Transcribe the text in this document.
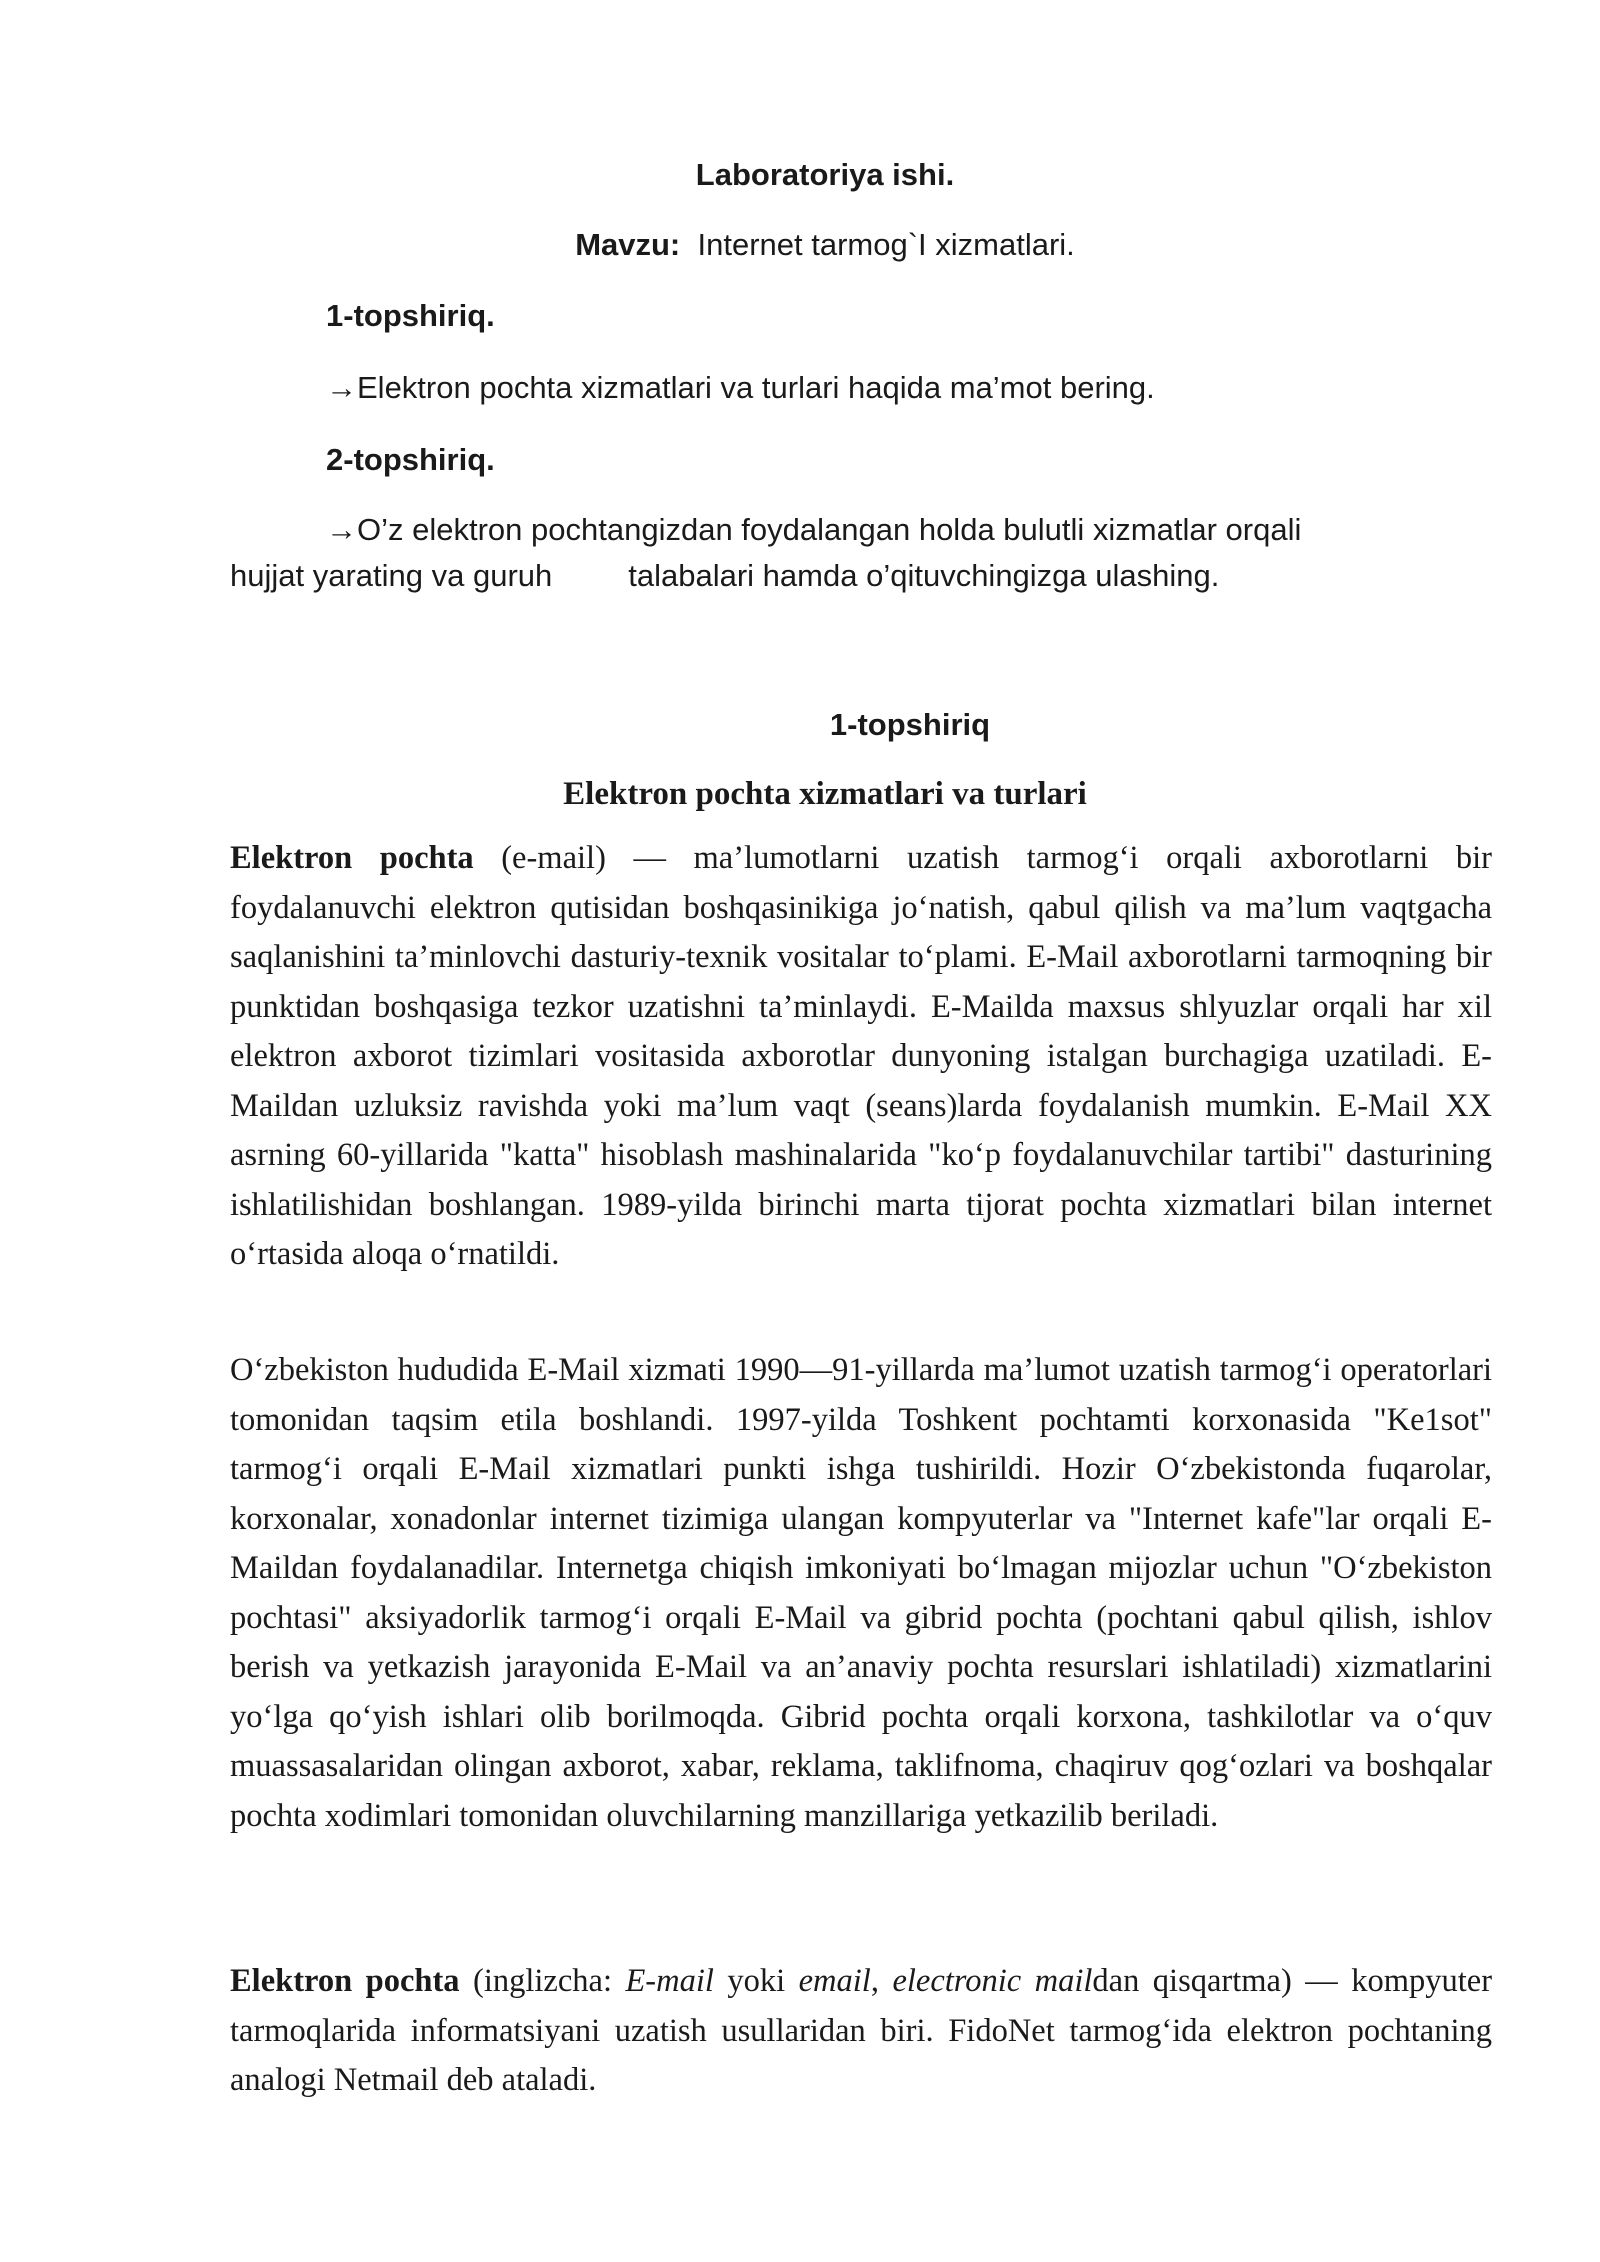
Laboratoriya ishi.
Mavzu: Internet tarmog`I xizmatlari.
1-topshiriq.
→Elektron pochta xizmatlari va turlari haqida ma’mot bering.
2-topshiriq.
→O’z elektron pochtangizdan foydalangan holda bulutli xizmatlar orqali
hujjat yarating va guruh talabalari hamda o’qituvchingizga ulashing.
1-topshiriq
Elektron pochta xizmatlari va turlari
Elektron pochta (e-mail) — ma’lumotlarni uzatish tarmog‘i orqali axborotlarni bir foydalanuvchi elektron qutisidan boshqasinikiga jo‘natish, qabul qilish va ma’lum vaqtgacha saqlanishini ta’minlovchi dasturiy-texnik vositalar to‘plami. E-Mail axborotlarni tarmoqning bir punktidan boshqasiga tezkor uzatishni ta’minlaydi. E-Mailda maxsus shlyuzlar orqali har xil elektron axborot tizimlari vositasida axborotlar dunyoning istalgan burchagiga uzatiladi. E-Maildan uzluksiz ravishda yoki ma’lum vaqt (seans)larda foydalanish mumkin. E-Mail XX asrning 60-yillarida "katta" hisoblash mashinalarida "ko‘p foydalanuvchilar tartibi" dasturining ishlatilishidan boshlangan. 1989-yilda birinchi marta tijorat pochta xizmatlari bilan internet o‘rtasida aloqa o‘rnatildi.
O‘zbekiston hududida E-Mail xizmati 1990—91-yillarda ma’lumot uzatish tarmog‘i operatorlari tomonidan taqsim etila boshlandi. 1997-yilda Toshkent pochtamti korxonasida "Ke1sot" tarmog‘i orqali E-Mail xizmatlari punkti ishga tushirildi. Hozir O‘zbekistonda fuqarolar, korxonalar, xonadonlar internet tizimiga ulangan kompyuterlar va "Internet kafe"lar orqali E-Maildan foydalanadilar. Internetga chiqish imkoniyati bo‘lmagan mijozlar uchun "O‘zbekiston pochtasi" aksiyadorlik tarmog‘i orqali E-Mail va gibrid pochta (pochtani qabul qilish, ishlov berish va yetkazish jarayonida E-Mail va an’anaviy pochta resurslari ishlatiladi) xizmatlarini yo‘lga qo‘yish ishlari olib borilmoqda. Gibrid pochta orqali korxona, tashkilotlar va o‘quv muassasalaridan olingan axborot, xabar, reklama, taklifnoma, chaqiruv qog‘ozlari va boshqalar pochta xodimlari tomonidan oluvchilarning manzillariga yetkazilib beriladi.
Elektron pochta (inglizcha: E-mail yoki email, electronic maildan qisqartma) — kompyuter tarmoqlarida informatsiyani uzatish usullaridan biri. FidoNet tarmog‘ida elektron pochtaning analogi Netmail deb ataladi.
